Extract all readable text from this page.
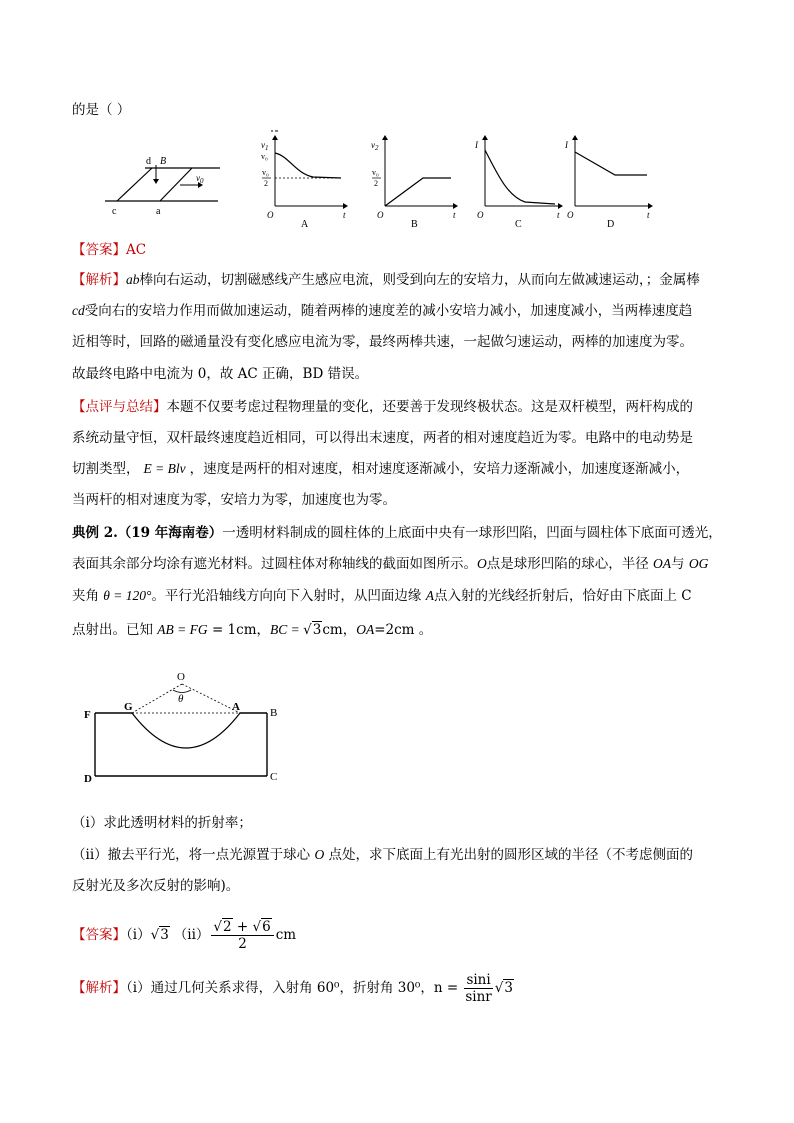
的是（ ）
d B
c	a
$v_0$
$v_1$
v₀
v₀
2
O	t
A
$v_2$
v₀
2
O	t
B
I
O	t
C
I
O	t
D
【答案】AC
【解析】ab棒向右运动，切割磁感线产生感应电流，则受到向左的安培力，从而向左做减速运动，；金属棒
cd受向右的安培力作用而做加速运动，随着两棒的速度差的减小安培力减小，加速度减小，当两棒速度趋
近相等时，回路的磁通量没有变化感应电流为零，最终两棒共速，一起做匀速运动，两棒的加速度为零。
故最终电路中电流为 0，故 AC 正确，BD 错误。
【点评与总结】本题不仅要考虑过程物理量的变化，还要善于发现终极状态。这是双杆模型，两杆构成的
系统动量守恒，双杆最终速度趋近相同，可以得出末速度，两者的相对速度趋近为零。电路中的电动势是
切割类型， E = Blv ，速度是两杆的相对速度，相对速度逐渐减小，安培力逐渐减小，加速度逐渐减小，
当两杆的相对速度为零，安培力为零，加速度也为零。
典例 2.（19 年海南卷）一透明材料制成的圆柱体的上底面中央有一球形凹陷，凹面与圆柱体下底面可透光，
表面其余部分均涂有遮光材料。过圆柱体对称轴线的截面如图所示。O点是球形凹陷的球心，半径 OA与 OG
夹角 θ = 120°。平行光沿轴线方向向下入射时，从凹面边缘 A点入射的光线经折射后，恰好由下底面上 C
点射出。已知 AB = FG = 1cm，BC = √3cm，OA=2cm 。
O
θ
F
G	A	B
D	C
（i）求此透明材料的折射率；
（ii）撤去平行光，将一点光源置于球心 O 点处，求下底面上有光出射的圆形区域的半径（不考虑侧面的
反射光及多次反射的影响)。
【答案】（i）√3 $(ii) \frac{√2 + √6}{2}$ cm
【解析】（i）通过几何关系求得，入射角 60⁰，折射角 30⁰，$n = \frac{\sin i}{\sin r} √3$
